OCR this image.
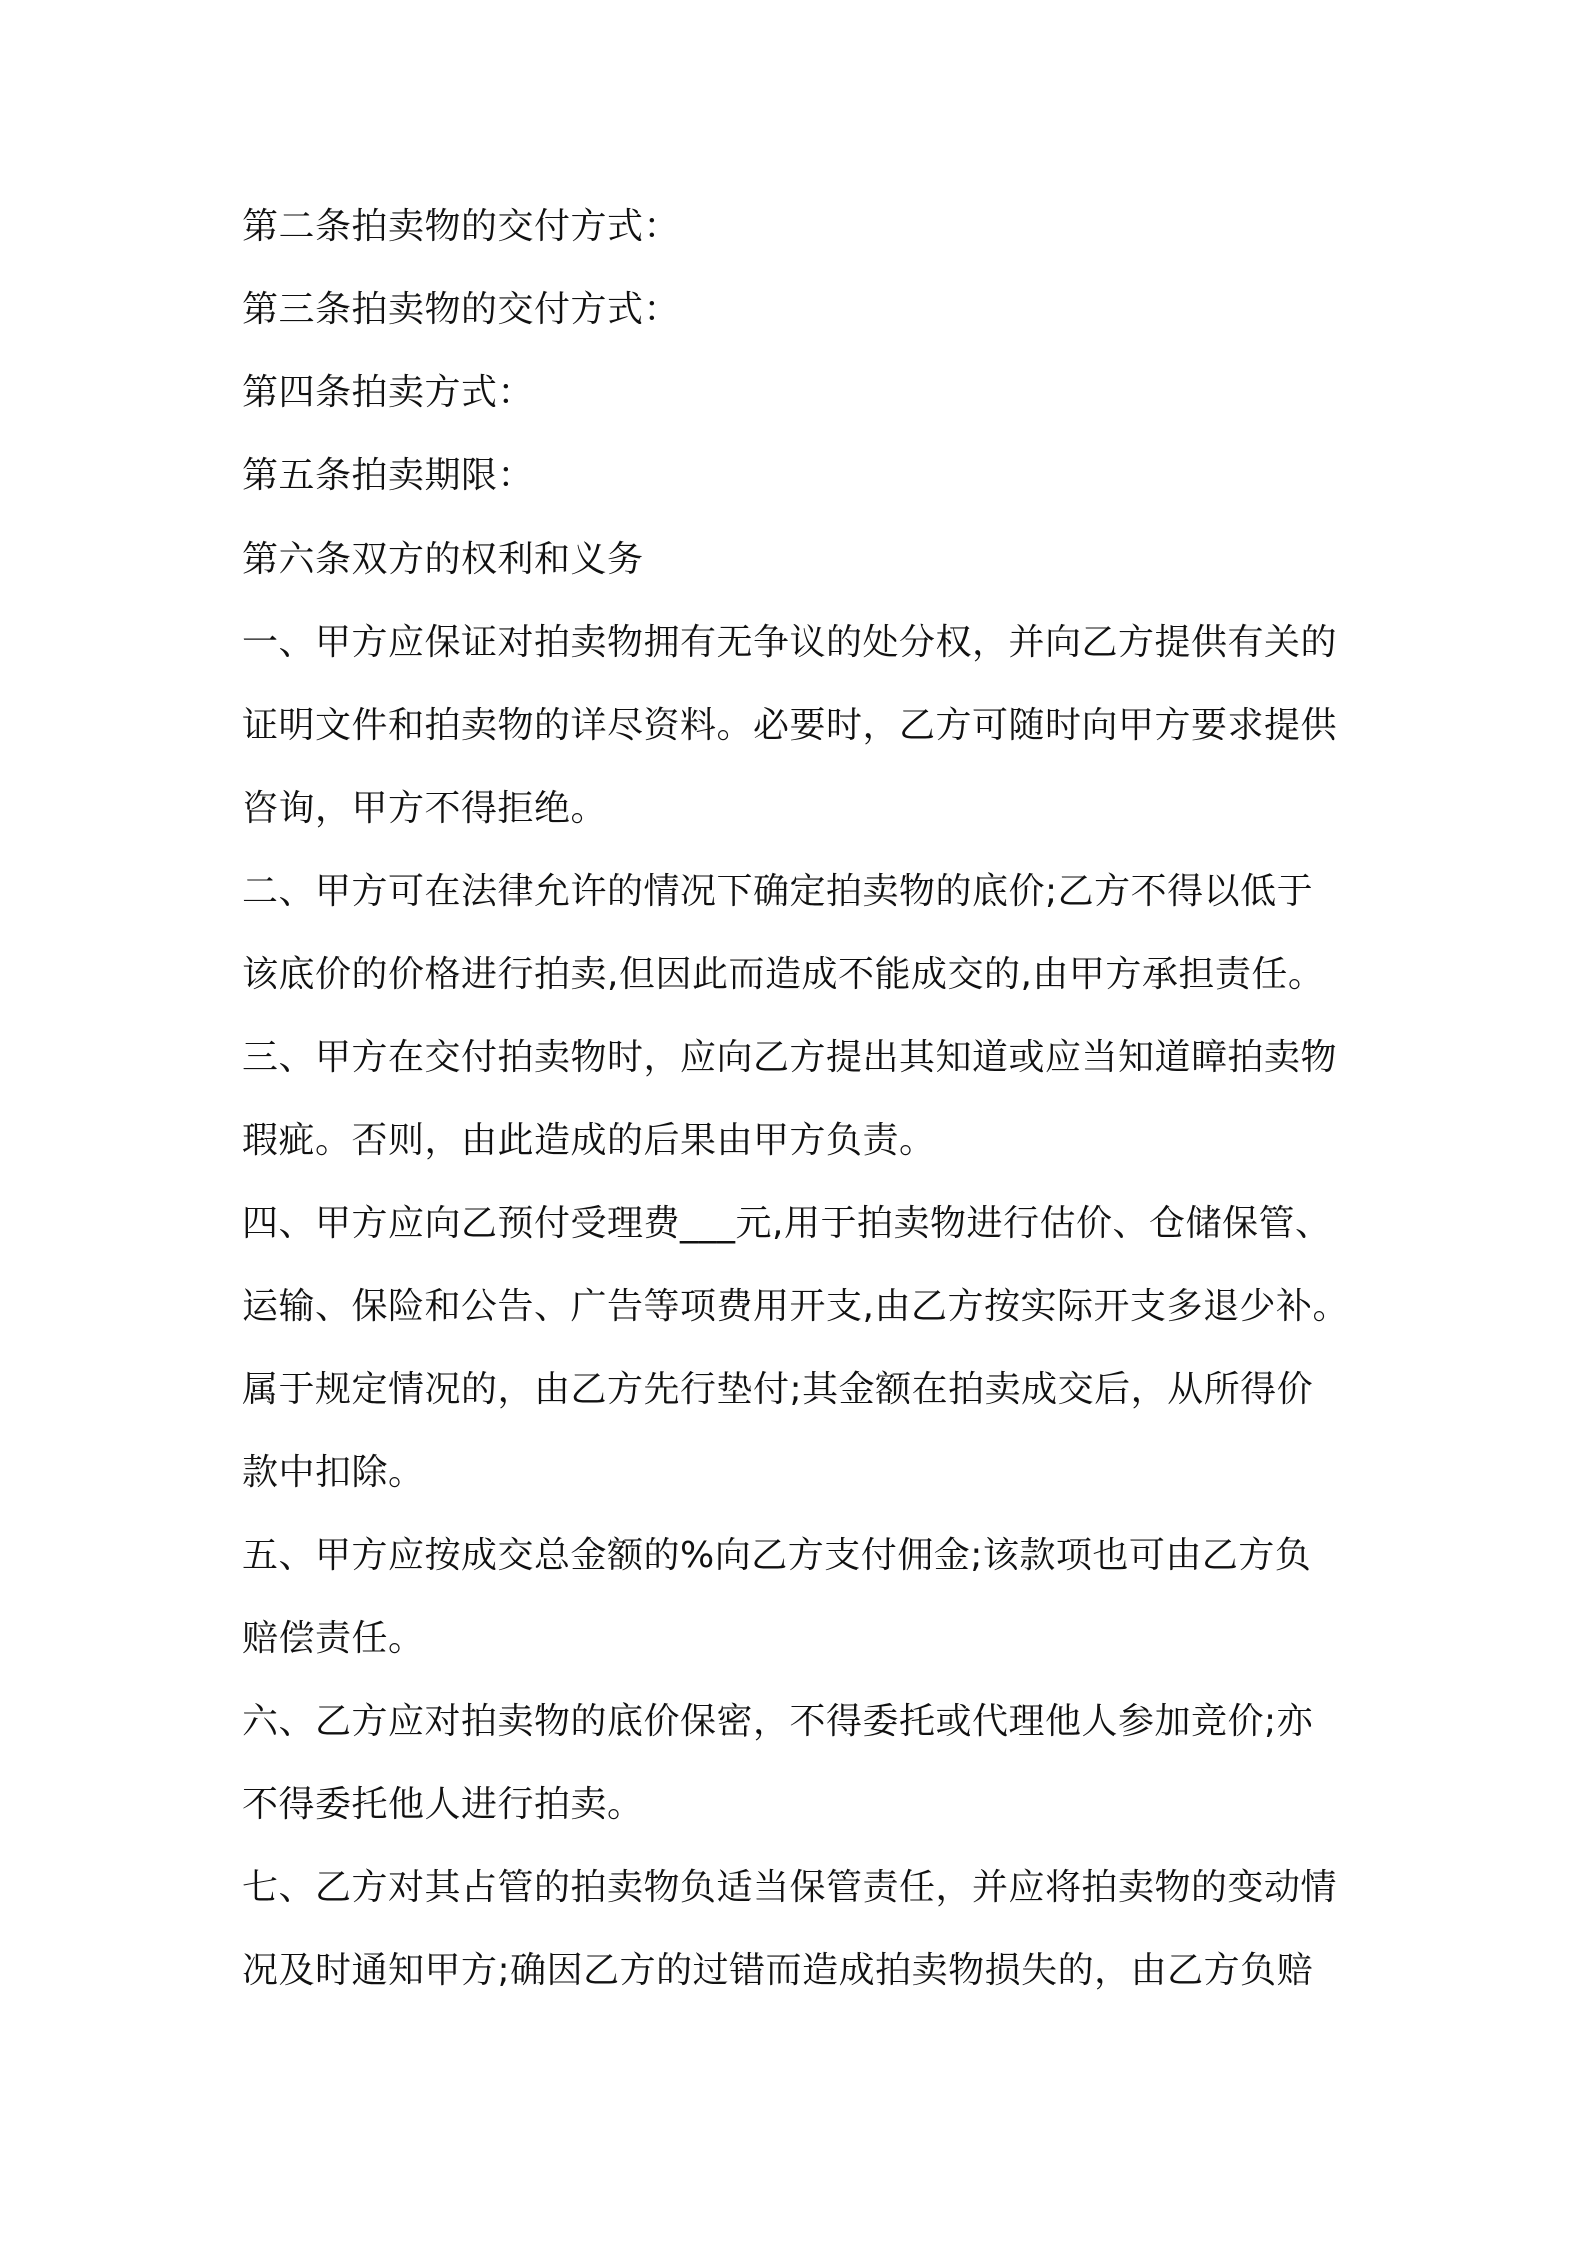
第二条拍卖物的交付方式：
第三条拍卖物的交付方式：
第四条拍卖方式：
第五条拍卖期限：
第六条双方的权利和义务
一、甲方应保证对拍卖物拥有无争议的处分权，并向乙方提供有关的
证明文件和拍卖物的详尽资料。必要时，乙方可随时向甲方要求提供
咨询，甲方不得拒绝。
二、甲方可在法律允许的情况下确定拍卖物的底价;乙方不得以低于
该底价的价格进行拍卖,但因此而造成不能成交的,由甲方承担责任。
三、甲方在交付拍卖物时，应向乙方提出其知道或应当知道瞕拍卖物
瑕疵。否则，由此造成的后果由甲方负责。
四、甲方应向乙预付受理费___元,用于拍卖物进行估价、仓储保管、
运输、保险和公告、广告等项费用开支,由乙方按实际开支多退少补。
属于规定情况的，由乙方先行垫付;其金额在拍卖成交后，从所得价
款中扣除。
五、甲方应按成交总金额的%向乙方支付佣金;该款项也可由乙方负
赔偿责任。
六、乙方应对拍卖物的底价保密，不得委托或代理他人参加竞价;亦
不得委托他人进行拍卖。
七、乙方对其占管的拍卖物负适当保管责任，并应将拍卖物的变动情
况及时通知甲方;确因乙方的过错而造成拍卖物损失的，由乙方负赔
